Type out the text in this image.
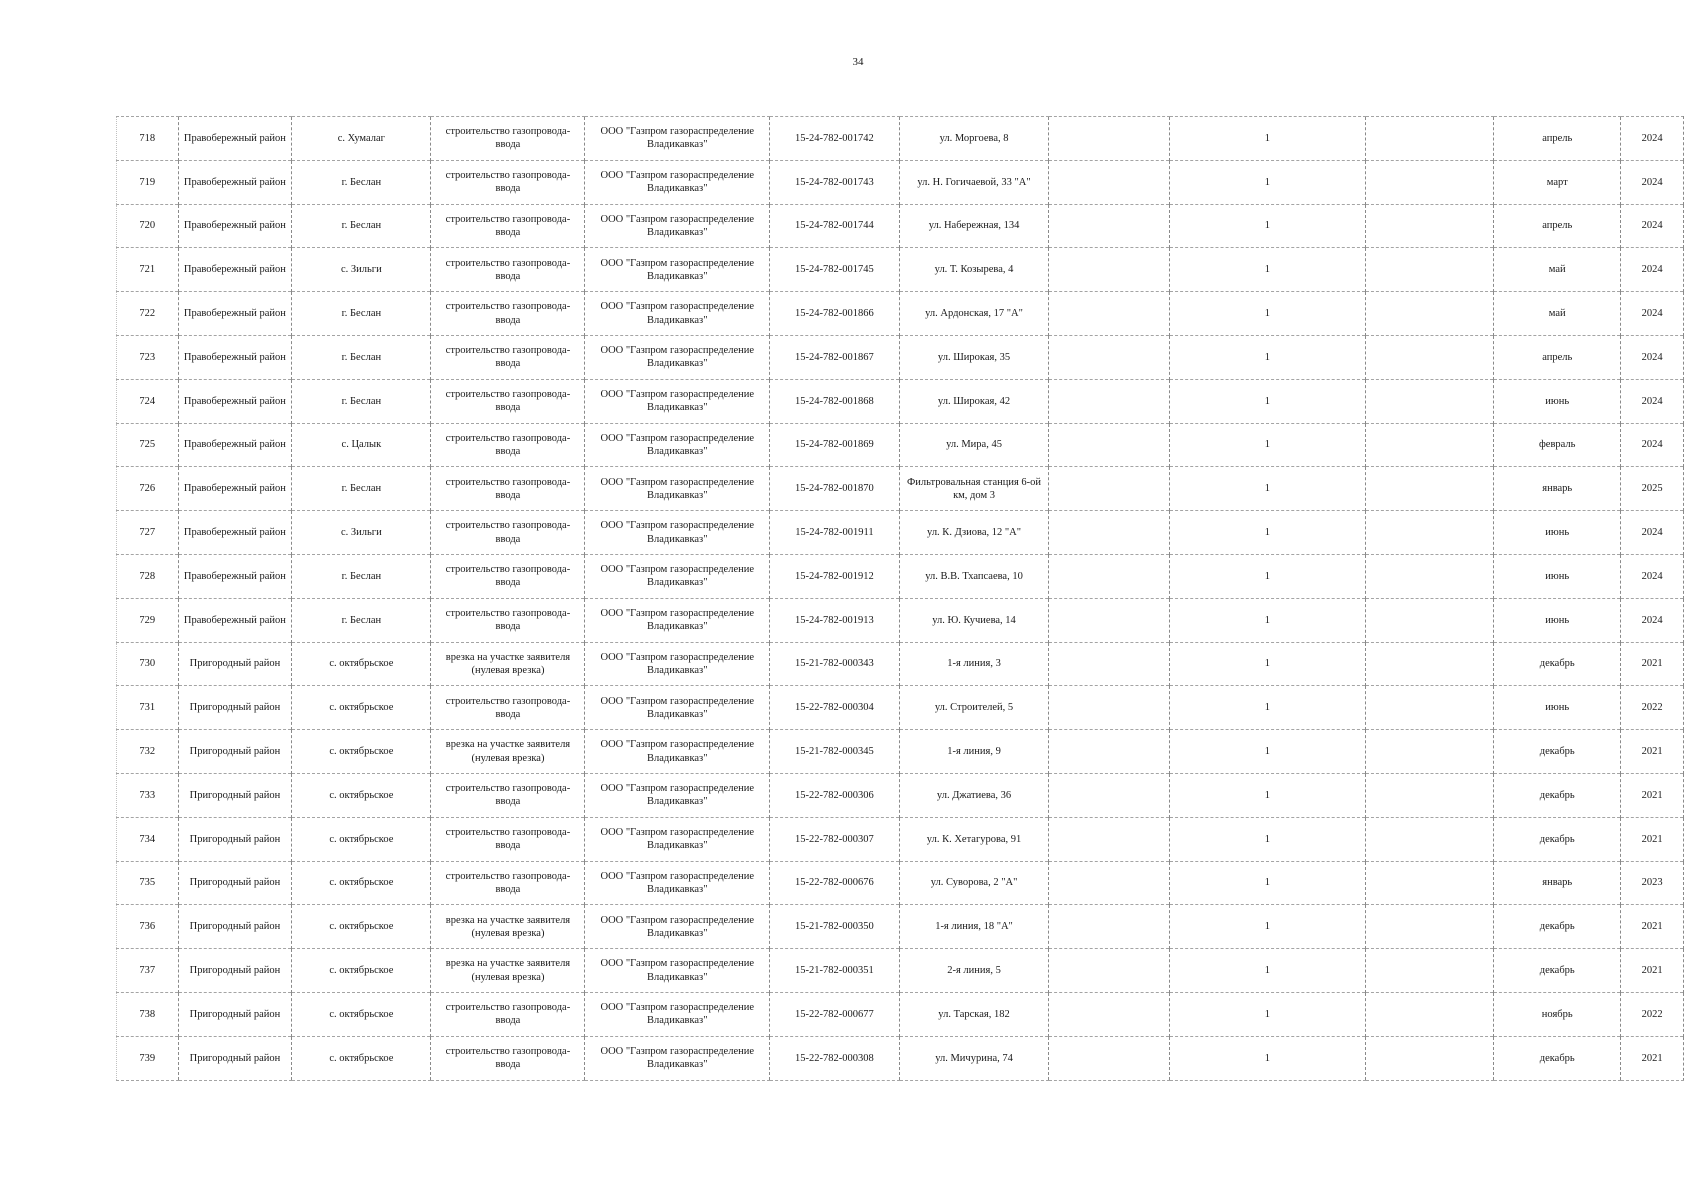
34
718	Правобережный район	с. Хумалаг	строительство газопровода-ввода	ООО "Газпром газораспределение Владикавказ"	15-24-782-001742	ул. Моргоева, 8		1		апрель	2024
719	Правобережный район	г. Беслан	строительство газопровода-ввода	ООО "Газпром газораспределение Владикавказ"	15-24-782-001743	ул. Н. Гогичаевой, 33 "А"		1		март	2024
720	Правобережный район	г. Беслан	строительство газопровода-ввода	ООО "Газпром газораспределение Владикавказ"	15-24-782-001744	ул. Набережная, 134		1		апрель	2024
721	Правобережный район	с. Зильги	строительство газопровода-ввода	ООО "Газпром газораспределение Владикавказ"	15-24-782-001745	ул. Т. Козырева, 4		1		май	2024
722	Правобережный район	г. Беслан	строительство газопровода-ввода	ООО "Газпром газораспределение Владикавказ"	15-24-782-001866	ул. Ардонская, 17 "А"		1		май	2024
723	Правобережный район	г. Беслан	строительство газопровода-ввода	ООО "Газпром газораспределение Владикавказ"	15-24-782-001867	ул. Широкая, 35		1		апрель	2024
724	Правобережный район	г. Беслан	строительство газопровода-ввода	ООО "Газпром газораспределение Владикавказ"	15-24-782-001868	ул. Широкая, 42		1		июнь	2024
725	Правобережный район	с. Цалык	строительство газопровода-ввода	ООО "Газпром газораспределение Владикавказ"	15-24-782-001869	ул. Мира, 45		1		февраль	2024
726	Правобережный район	г. Беслан	строительство газопровода-ввода	ООО "Газпром газораспределение Владикавказ"	15-24-782-001870	Фильтровальная станция 6-ой км, дом 3		1		январь	2025
727	Правобережный район	с. Зильги	строительство газопровода-ввода	ООО "Газпром газораспределение Владикавказ"	15-24-782-001911	ул. К. Дзиова, 12 "А"		1		июнь	2024
728	Правобережный район	г. Беслан	строительство газопровода-ввода	ООО "Газпром газораспределение Владикавказ"	15-24-782-001912	ул. В.В. Тхапсаева, 10		1		июнь	2024
729	Правобережный район	г. Беслан	строительство газопровода-ввода	ООО "Газпром газораспределение Владикавказ"	15-24-782-001913	ул. Ю. Кучиева, 14		1		июнь	2024
730	Пригородный район	с. октябрьское	врезка на участке заявителя (нулевая врезка)	ООО "Газпром газораспределение Владикавказ"	15-21-782-000343	1-я линия, 3		1		декабрь	2021
731	Пригородный район	с. октябрьское	строительство газопровода-ввода	ООО "Газпром газораспределение Владикавказ"	15-22-782-000304	ул. Строителей, 5		1		июнь	2022
732	Пригородный район	с. октябрьское	врезка на участке заявителя (нулевая врезка)	ООО "Газпром газораспределение Владикавказ"	15-21-782-000345	1-я линия, 9		1		декабрь	2021
733	Пригородный район	с. октябрьское	строительство газопровода-ввода	ООО "Газпром газораспределение Владикавказ"	15-22-782-000306	ул. Джатиева, 36		1		декабрь	2021
734	Пригородный район	с. октябрьское	строительство газопровода-ввода	ООО "Газпром газораспределение Владикавказ"	15-22-782-000307	ул. К. Хетагурова, 91		1		декабрь	2021
735	Пригородный район	с. октябрьское	строительство газопровода-ввода	ООО "Газпром газораспределение Владикавказ"	15-22-782-000676	ул. Суворова, 2 "А"		1		январь	2023
736	Пригородный район	с. октябрьское	врезка на участке заявителя (нулевая врезка)	ООО "Газпром газораспределение Владикавказ"	15-21-782-000350	1-я линия, 18 "А"		1		декабрь	2021
737	Пригородный район	с. октябрьское	врезка на участке заявителя (нулевая врезка)	ООО "Газпром газораспределение Владикавказ"	15-21-782-000351	2-я линия, 5		1		декабрь	2021
738	Пригородный район	с. октябрьское	строительство газопровода-ввода	ООО "Газпром газораспределение Владикавказ"	15-22-782-000677	ул. Тарская, 182		1		ноябрь	2022
739	Пригородный район	с. октябрьское	строительство газопровода-ввода	ООО "Газпром газораспределение Владикавказ"	15-22-782-000308	ул. Мичурина, 74		1		декабрь	2021
